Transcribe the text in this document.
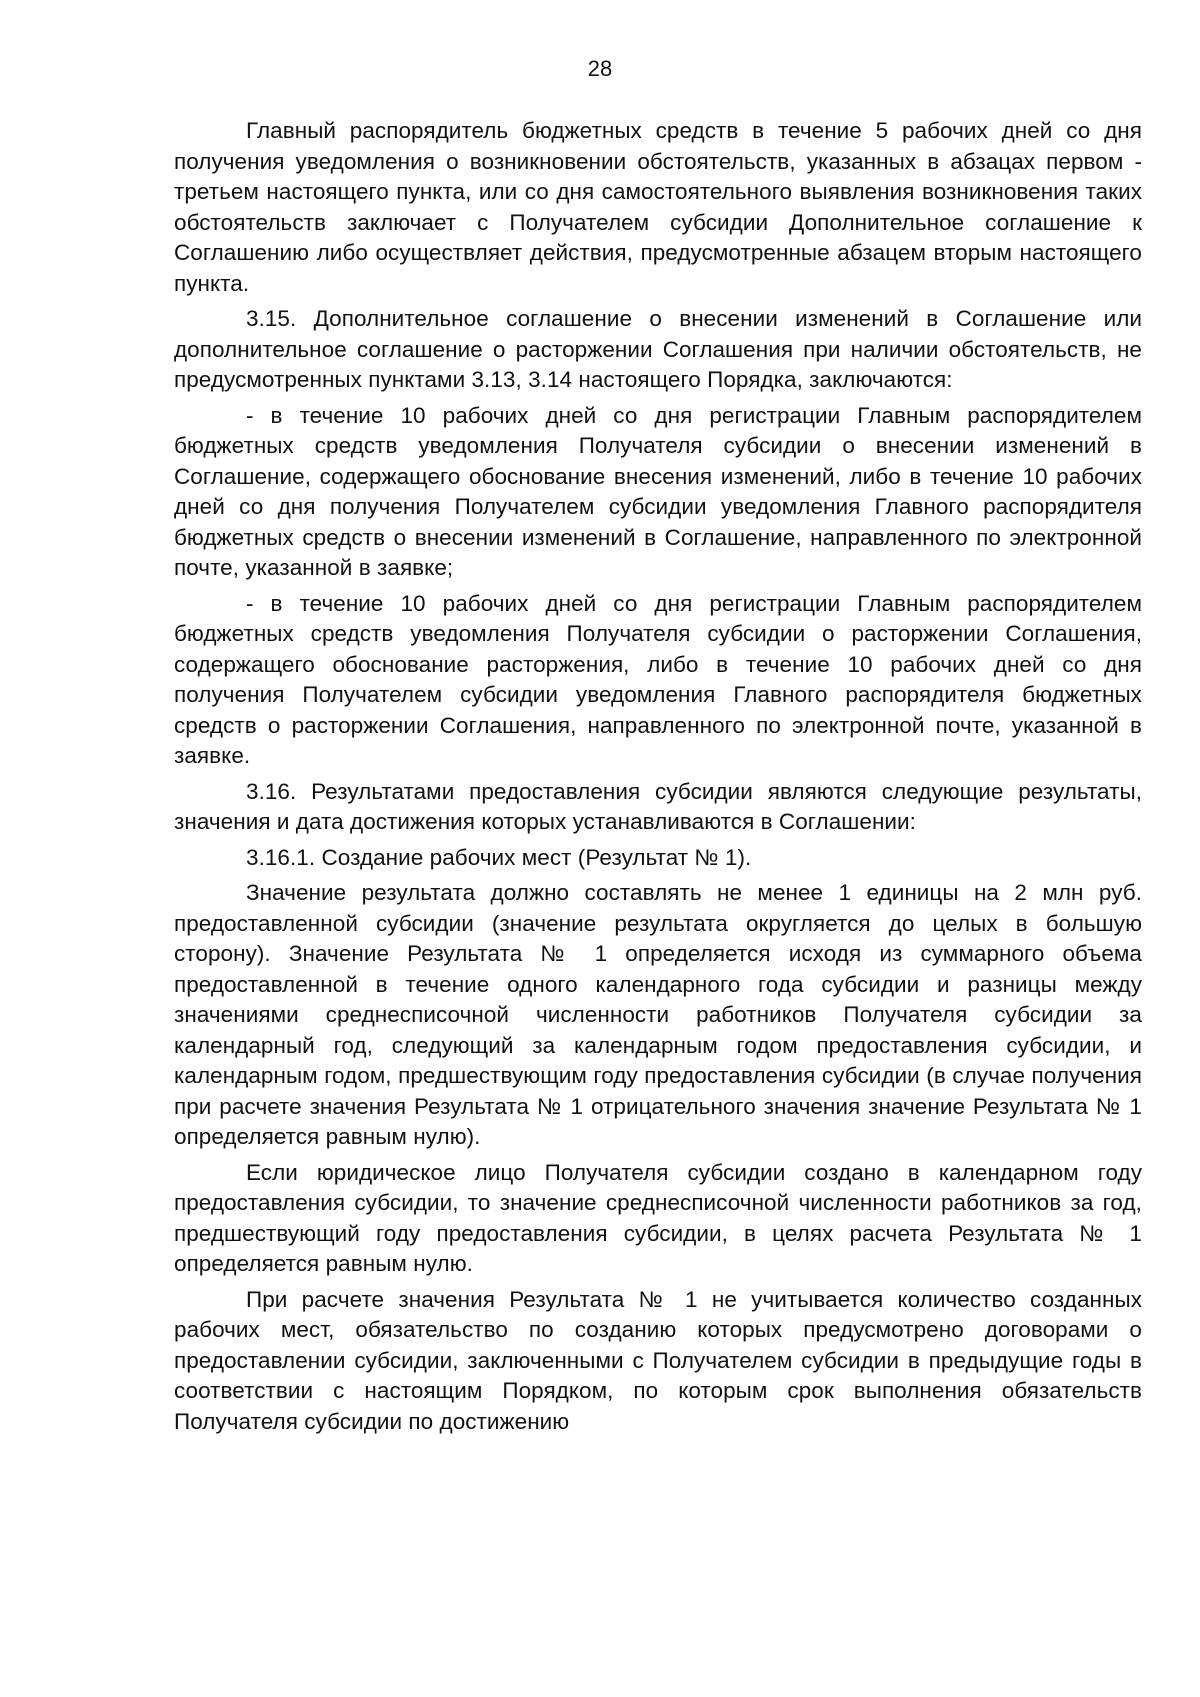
28

Главный распорядитель бюджетных средств в течение 5 рабочих дней со дня получения уведомления о возникновении обстоятельств, указанных в абзацах первом - третьем настоящего пункта, или со дня самостоятельного выявления возникновения таких обстоятельств заключает с Получателем субсидии Дополнительное соглашение к Соглашению либо осуществляет действия, предусмотренные абзацем вторым настоящего пункта.

3.15. Дополнительное соглашение о внесении изменений в Соглашение или дополнительное соглашение о расторжении Соглашения при наличии обстоятельств, не предусмотренных пунктами 3.13, 3.14 настоящего Порядка, заключаются:

- в течение 10 рабочих дней со дня регистрации Главным распорядителем бюджетных средств уведомления Получателя субсидии о внесении изменений в Соглашение, содержащего обоснование внесения изменений, либо в течение 10 рабочих дней со дня получения Получателем субсидии уведомления Главного распорядителя бюджетных средств о внесении изменений в Соглашение, направленного по электронной почте, указанной в заявке;

- в течение 10 рабочих дней со дня регистрации Главным распорядителем бюджетных средств уведомления Получателя субсидии о расторжении Соглашения, содержащего обоснование расторжения, либо в течение 10 рабочих дней со дня получения Получателем субсидии уведомления Главного распорядителя бюджетных средств о расторжении Соглашения, направленного по электронной почте, указанной в заявке.

3.16. Результатами предоставления субсидии являются следующие результаты, значения и дата достижения которых устанавливаются в Соглашении:

3.16.1. Создание рабочих мест (Результат № 1).

Значение результата должно составлять не менее 1 единицы на 2 млн руб. предоставленной субсидии (значение результата округляется до целых в большую сторону). Значение Результата № 1 определяется исходя из суммарного объема предоставленной в течение одного календарного года субсидии и разницы между значениями среднесписочной численности работников Получателя субсидии за календарный год, следующий за календарным годом предоставления субсидии, и календарным годом, предшествующим году предоставления субсидии (в случае получения при расчете значения Результата № 1 отрицательного значения значение Результата № 1 определяется равным нулю).

Если юридическое лицо Получателя субсидии создано в календарном году предоставления субсидии, то значение среднесписочной численности работников за год, предшествующий году предоставления субсидии, в целях расчета Результата № 1 определяется равным нулю.

При расчете значения Результата № 1 не учитывается количество созданных рабочих мест, обязательство по созданию которых предусмотрено договорами о предоставлении субсидии, заключенными с Получателем субсидии в предыдущие годы в соответствии с настоящим Порядком, по которым срок выполнения обязательств Получателя субсидии по достижению
